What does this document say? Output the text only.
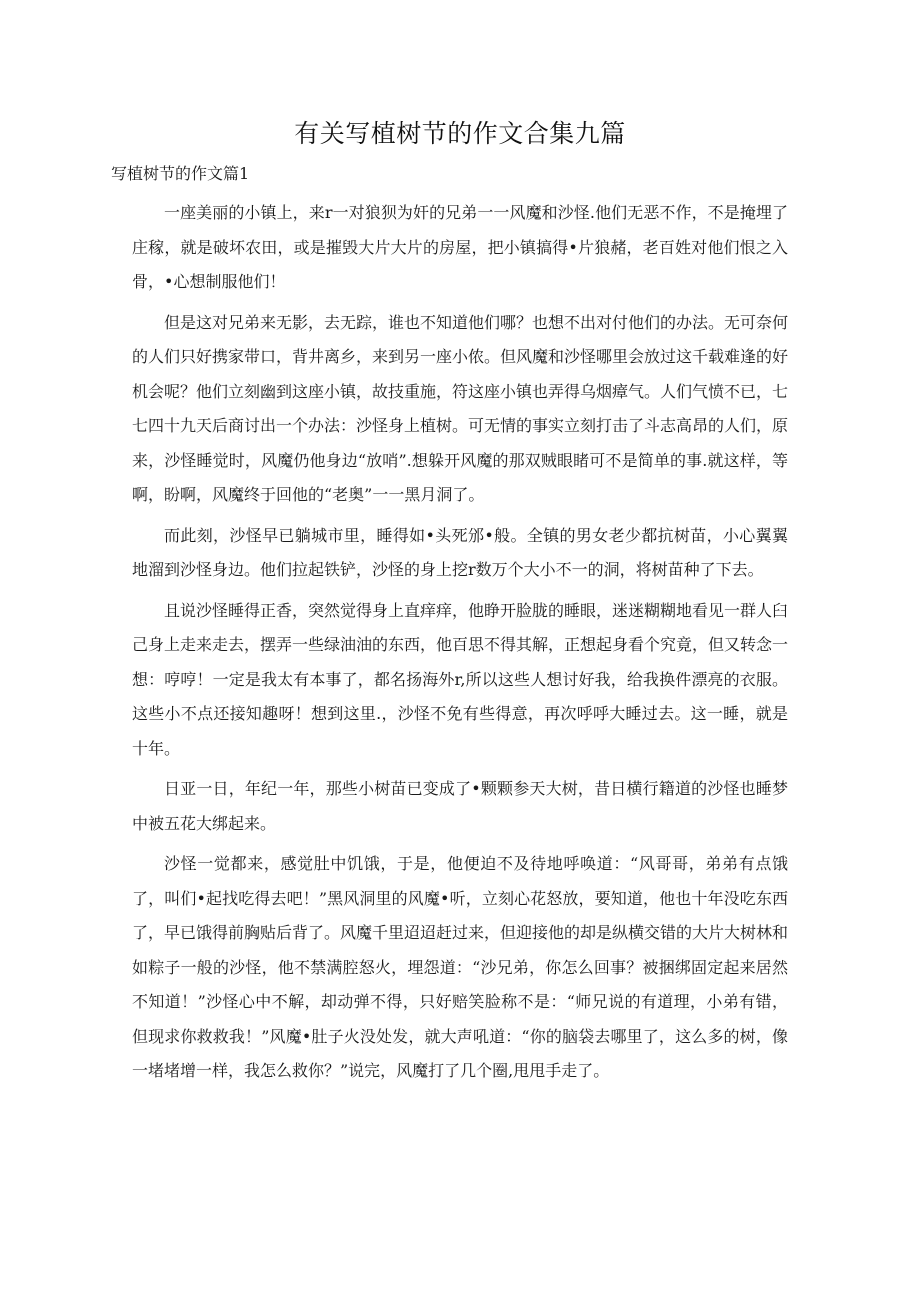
有关写植树节的作文合集九篇
写植树节的作文篇1

一座美丽的小镇上，来r一对狼狈为奸的兄弟一一风魔和沙怪.他们无恶不作，不是掩埋了庄稼，就是破坏农田，或是摧毁大片大片的房屋，把小镇搞得•片狼赭，老百姓对他们恨之入骨，•心想制服他们！

但是这对兄弟来无影，去无踪，谁也不知道他们哪？也想不出对付他们的办法。无可奈何的人们只好携家带口，背井离乡，来到另一座小侬。但风魔和沙怪哪里会放过这千载难逢的好机会呢？他们立刻幽到这座小镇，故技重施，符这座小镇也弄得乌烟瘴气。人们气愤不已，七七四十九天后商讨出一个办法：沙怪身上植树。可无情的事实立刻打击了斗志高昂的人们，原来，沙怪睡觉时，风魔仍他身边“放哨”.想躲开风魔的那双贼眼睹可不是简单的事.就这样，等啊，盼啊，风魔终于回他的“老奥”一一黑月洞了。

而此刻，沙怪早已躺城市里，睡得如•头死邠•般。全镇的男女老少都抗树苗，小心翼翼地溜到沙怪身边。他们拉起铁铲，沙怪的身上挖r数万个大小不一的洞，将树苗种了下去。

且说沙怪睡得正香，突然觉得身上直痒痒，他睁开脸胧的睡眼，迷迷糊糊地看见一群人臼己身上走来走去，摆弄一些绿油油的东西，他百思不得其解，正想起身看个究竟，但又转念一想：哼哼！一定是我太有本事了，都名扬海外r,所以这些人想讨好我，给我换件漂亮的衣服。这些小不点还接知趣呀！想到这里.，沙怪不免有些得意，再次呼呼大睡过去。这一睡，就是十年。

日亚一日，年纪一年，那些小树苗已变成了•颗颗参天大树，昔日横行籍道的沙怪也睡梦中被五花大绑起来。

沙怪一觉都来，感觉肚中饥饿，于是，他便迫不及待地呼唤道：“风哥哥，弟弟有点饿了，叫们•起找吃得去吧！”黑风洞里的风魔•听，立刻心花怒放，要知道，他也十年没吃东西了，早已饿得前胸贴后背了。风魔千里迢迢赶过来，但迎接他的却是纵横交错的大片大树林和如粽子一般的沙怪，他不禁满腔怒火，埋怨道：“沙兄弟，你怎么回事？被捆绑固定起来居然不知道！”沙怪心中不解，却动弹不得，只好赔笑脸称不是：“师兄说的有道理，小弟有错，但现求你救救我！”风魔•肚子火没处发，就大声吼道：“你的脑袋去哪里了，这么多的树，像一堵堵增一样，我怎么救你？”说完，风魔打了几个圈,甩甩手走了。
